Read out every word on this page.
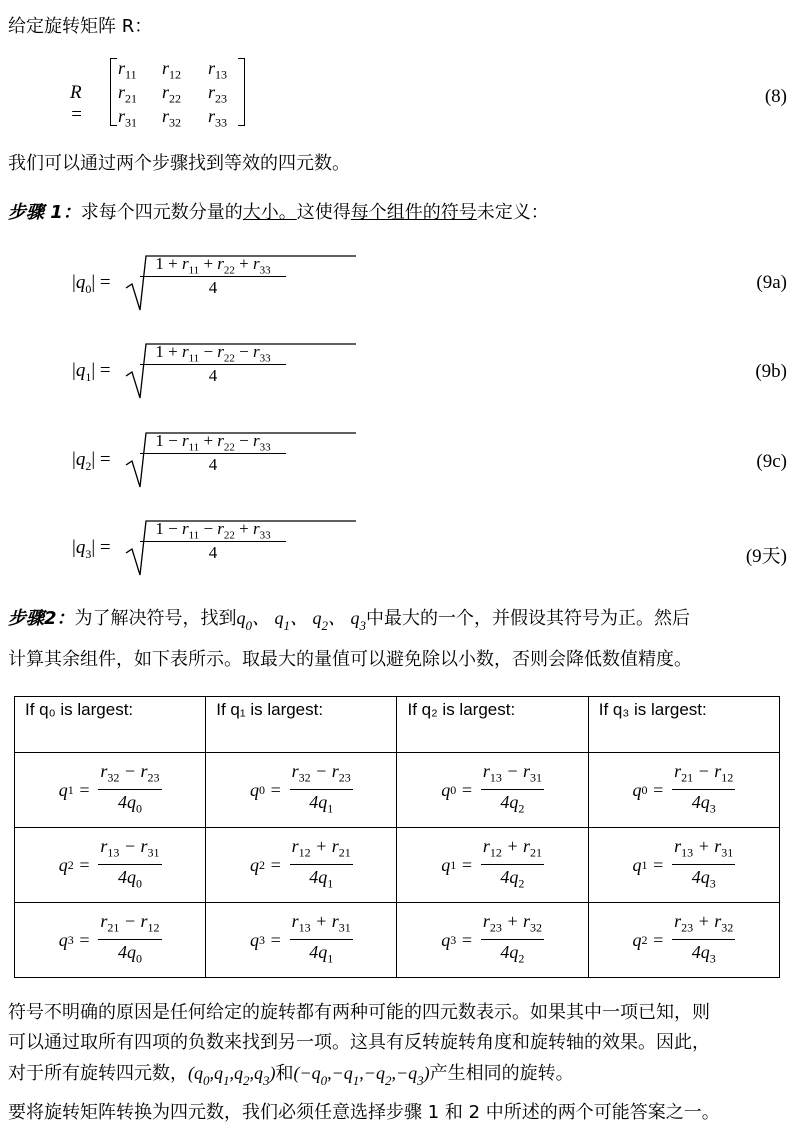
给定旋转矩阵 R：
R =
$r_{11}$	$r_{12}$	$r_{13}$
$r_{21}$	$r_{22}$	$r_{23}$
$r_{31}$	$r_{32}$	$r_{33}$
(8)
我们可以通过两个步骤找到等效的四元数。
步骤 1：求每个四元数分量的大小。这使得每个组件的符号未定义：
$|q_0|$ =
$1 + r_{11} + r_{22} + r_{33}$
4	(9a)
$|q_1|$ =
$1 + r_{11} - r_{22} - r_{33}$
4	(9b)
$|q_2|$ =
$1 - r_{11} + r_{22} - r_{33}$
4	(9c)
$|q_3|$ =
$1 - r_{11} - r_{22} + r_{33}$
4	(9天)
步骤2：为了解决符号，找到$q_0$、 $q_1$、 $q_2$、 $q_3$中最大的一个，并假设其符号为正。然后
计算其余组件，如下表所示。取最大的量值可以避免除以小数，否则会降低数值精度。
If q₀ is largest:	If q₁ is largest:	If q₂ is largest:	If q₃ is largest:

q $1 = \frac{r_{32} - r_{23}}{4q_0}$	q $0 = \frac{r_{32} - r_{23}}{4q_1}$	q $0 = \frac{r_{13} - r_{31}}{4q_2}$	q $0 = \frac{r_{21} - r_{12}}{4q_3}$

q $2 = \frac{r_{13} - r_{31}}{4q_0}$	q $2 = \frac{r_{12} + r_{21}}{4q_1}$	q $1 = \frac{r_{12} + r_{21}}{4q_2}$	q $1 = \frac{r_{13} + r_{31}}{4q_3}$

q $3 = \frac{r_{21} - r_{12}}{4q_0}$	q $3 = \frac{r_{13} + r_{31}}{4q_1}$	q $3 = \frac{r_{23} + r_{32}}{4q_2}$	q $2 = \frac{r_{23} + r_{32}}{4q_3}$
符号不明确的原因是任何给定的旋转都有两种可能的四元数表示。如果其中一项已知，则
可以通过取所有四项的负数来找到另一项。这具有反转旋转角度和旋转轴的效果。因此，
对于所有旋转四元数，$(q_0,q_1,q_2,q_3)$和$(-q_0,-q_1,-q_2,-q_3)$产生相同的旋转。
要将旋转矩阵转换为四元数，我们必须任意选择步骤 1 和 2 中所述的两个可能答案之一。
